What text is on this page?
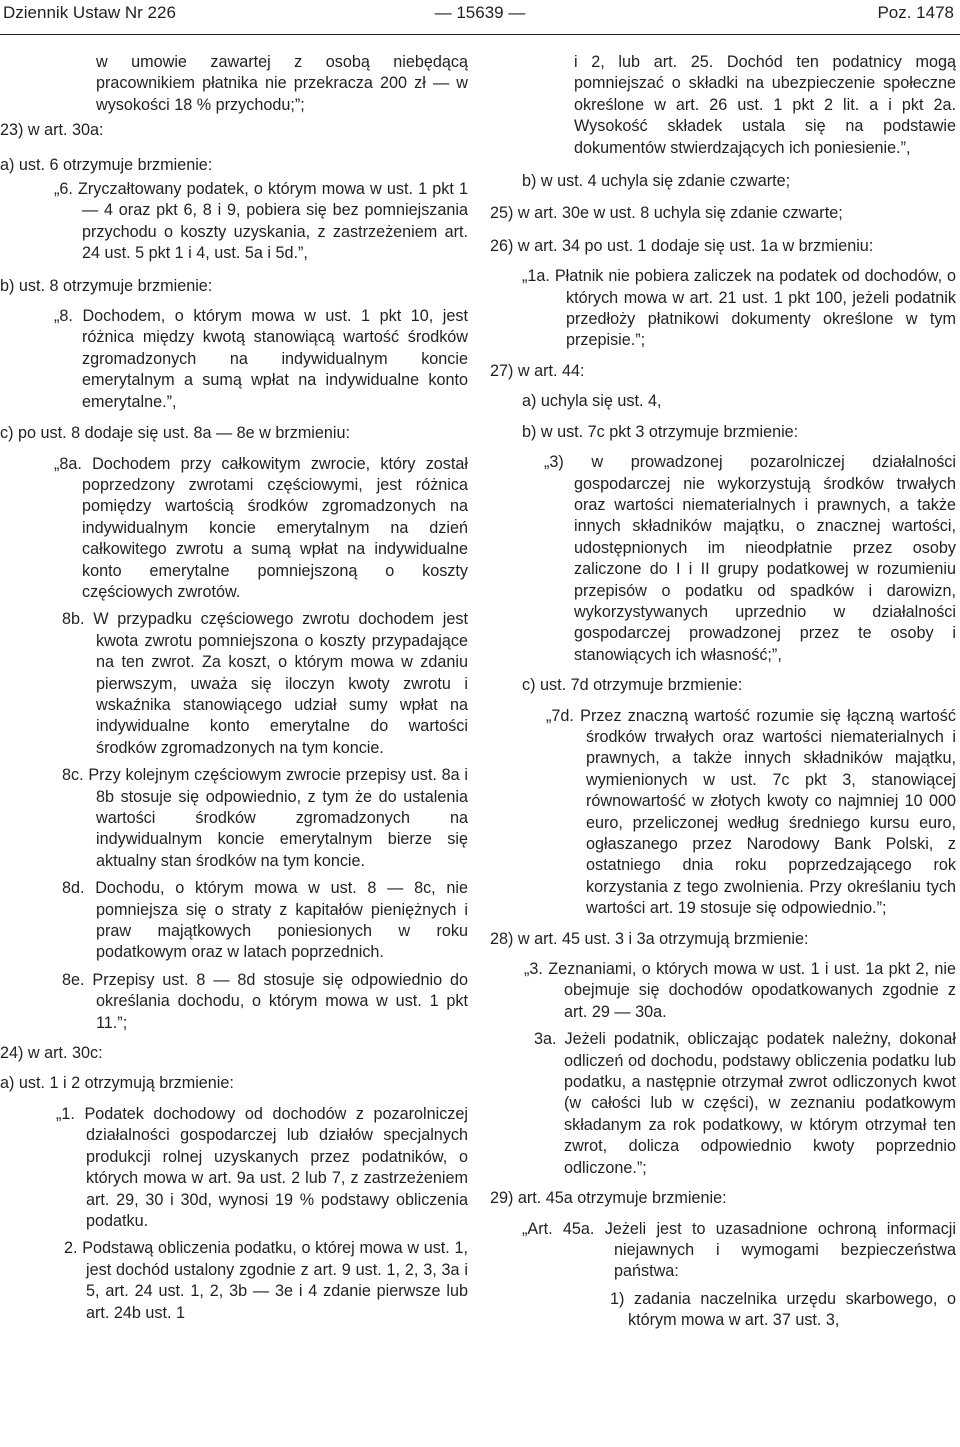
— 15639 —
Dziennik Ustaw Nr 226	Poz. 1478

w umowie zawartej z osobą niebędącą pracownikiem płatnika nie przekracza 200 zł — w wysokości 18 % przychodu;”;

23) w art. 30a:

a) ust. 6 otrzymuje brzmienie:

„6. Zryczałtowany podatek, o którym mowa w ust. 1 pkt 1 — 4 oraz pkt 6, 8 i 9, pobiera się bez pomniejszania przychodu o koszty uzyskania, z zastrzeżeniem art. 24 ust. 5 pkt 1 i 4, ust. 5a i 5d.”,

b) ust. 8 otrzymuje brzmienie:

„8. Dochodem, o którym mowa w ust. 1 pkt 10, jest różnica między kwotą stanowiącą wartość środków zgromadzonych na indywidualnym koncie emerytalnym a sumą wpłat na indywidualne konto emerytalne.”,

c) po ust. 8 dodaje się ust. 8a — 8e w brzmieniu:

„8a. Dochodem przy całkowitym zwrocie, który został poprzedzony zwrotami częściowymi, jest różnica pomiędzy wartością środków zgromadzonych na indywidualnym koncie emerytalnym na dzień całkowitego zwrotu a sumą wpłat na indywidualne konto emerytalne pomniejszoną o koszty częściowych zwrotów.

8b. W przypadku częściowego zwrotu dochodem jest kwota zwrotu pomniejszona o koszty przypadające na ten zwrot. Za koszt, o którym mowa w zdaniu pierwszym, uważa się iloczyn kwoty zwrotu i wskaźnika stanowiącego udział sumy wpłat na indywidualne konto emerytalne do wartości środków zgromadzonych na tym koncie.

8c. Przy kolejnym częściowym zwrocie przepisy ust. 8a i 8b stosuje się odpowiednio, z tym że do ustalenia wartości środków zgromadzonych na indywidualnym koncie emerytalnym bierze się aktualny stan środków na tym koncie.

8d. Dochodu, o którym mowa w ust. 8 — 8c, nie pomniejsza się o straty z kapitałów pieniężnych i praw majątkowych poniesionych w roku podatkowym oraz w latach poprzednich.

8e. Przepisy ust. 8 — 8d stosuje się odpowiednio do określania dochodu, o którym mowa w ust. 1 pkt 11.”;

24) w art. 30c:

a) ust. 1 i 2 otrzymują brzmienie:

„1. Podatek dochodowy od dochodów z pozarolniczej działalności gospodarczej lub działów specjalnych produkcji rolnej uzyskanych przez podatników, o których mowa w art. 9a ust. 2 lub 7, z zastrzeżeniem art. 29, 30 i 30d, wynosi 19 % podstawy obliczenia podatku.

2. Podstawą obliczenia podatku, o której mowa w ust. 1, jest dochód ustalony zgodnie z art. 9 ust. 1, 2, 3, 3a i 5, art. 24 ust. 1, 2, 3b — 3e i 4 zdanie pierwsze lub art. 24b ust. 1

i 2, lub art. 25. Dochód ten podatnicy mogą pomniejszać o składki na ubezpieczenie społeczne określone w art. 26 ust. 1 pkt 2 lit. a i pkt 2a. Wysokość składek ustala się na podstawie dokumentów stwierdzających ich poniesienie.”,

b) w ust. 4 uchyla się zdanie czwarte;

25) w art. 30e w ust. 8 uchyla się zdanie czwarte;

26) w art. 34 po ust. 1 dodaje się ust. 1a w brzmieniu:

„1a. Płatnik nie pobiera zaliczek na podatek od dochodów, o których mowa w art. 21 ust. 1 pkt 100, jeżeli podatnik przedłoży płatnikowi dokumenty określone w tym przepisie.”;

27) w art. 44:

a) uchyla się ust. 4,

b) w ust. 7c pkt 3 otrzymuje brzmienie:

„3) w prowadzonej pozarolniczej działalności gospodarczej nie wykorzystują środków trwałych oraz wartości niematerialnych i prawnych, a także innych składników majątku, o znacznej wartości, udostępnionych im nieodpłatnie przez osoby zaliczone do I i II grupy podatkowej w rozumieniu przepisów o podatku od spadków i darowizn, wykorzystywanych uprzednio w działalności gospodarczej prowadzonej przez te osoby i stanowiących ich własność;”,

c) ust. 7d otrzymuje brzmienie:

„7d. Przez znaczną wartość rozumie się łączną wartość środków trwałych oraz wartości niematerialnych i prawnych, a także innych składników majątku, wymienionych w ust. 7c pkt 3, stanowiącej równowartość w złotych kwoty co najmniej 10 000 euro, przeliczonej według średniego kursu euro, ogłaszanego przez Narodowy Bank Polski, z ostatniego dnia roku poprzedzającego rok korzystania z tego zwolnienia. Przy określaniu tych wartości art. 19 stosuje się odpowiednio.”;

28) w art. 45 ust. 3 i 3a otrzymują brzmienie:

„3. Zeznaniami, o których mowa w ust. 1 i ust. 1a pkt 2, nie obejmuje się dochodów opodatkowanych zgodnie z art. 29 — 30a.

3a. Jeżeli podatnik, obliczając podatek należny, dokonał odliczeń od dochodu, podstawy obliczenia podatku lub podatku, a następnie otrzymał zwrot odliczonych kwot (w całości lub w części), w zeznaniu podatkowym składanym za rok podatkowy, w którym otrzymał ten zwrot, dolicza odpowiednio kwoty poprzednio odliczone.”;

29) art. 45a otrzymuje brzmienie:

„Art. 45a. Jeżeli jest to uzasadnione ochroną informacji niejawnych i wymogami bezpieczeństwa państwa:

1) zadania naczelnika urzędu skarbowego, o którym mowa w art. 37 ust. 3,
